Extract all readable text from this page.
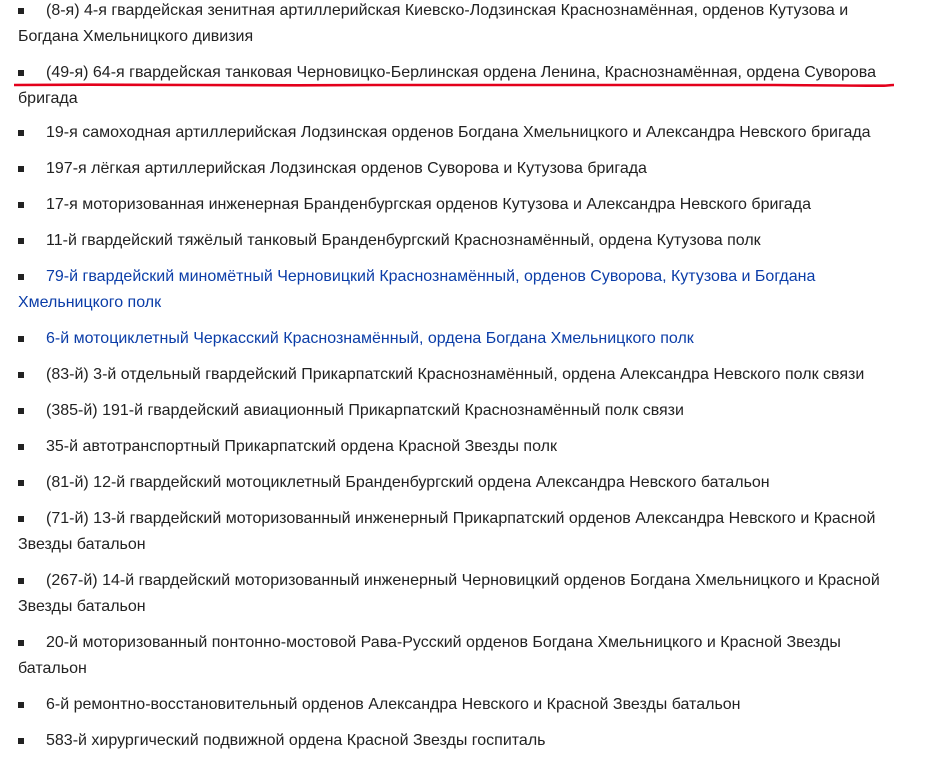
(8-я) 4-я гвардейская зенитная артиллерийская Киевско-Лодзинская Краснознамённая, орденов Кутузова и Богдана Хмельницкого дивизия
(49-я) 64-я гвардейская танковая Черновицко-Берлинская ордена Ленина, Краснознамённая, ордена Суворова бригада
19-я самоходная артиллерийская Лодзинская орденов Богдана Хмельницкого и Александра Невского бригада
197-я лёгкая артиллерийская Лодзинская орденов Суворова и Кутузова бригада
17-я моторизованная инженерная Бранденбургская орденов Кутузова и Александра Невского бригада
11-й гвардейский тяжёлый танковый Бранденбургский Краснознамённый, ордена Кутузова полк
79-й гвардейский миномётный Черновицкий Краснознамённый, орденов Суворова, Кутузова и Богдана Хмельницкого полк
6-й мотоциклетный Черкасский Краснознамённый, ордена Богдана Хмельницкого полк
(83-й) 3-й отдельный гвардейский Прикарпатский Краснознамённый, ордена Александра Невского полк связи
(385-й) 191-й гвардейский авиационный Прикарпатский Краснознамённый полк связи
35-й автотранспортный Прикарпатский ордена Красной Звезды полк
(81-й) 12-й гвардейский мотоциклетный Бранденбургский ордена Александра Невского батальон
(71-й) 13-й гвардейский моторизованный инженерный Прикарпатский орденов Александра Невского и Красной Звезды батальон
(267-й) 14-й гвардейский моторизованный инженерный Черновицкий орденов Богдана Хмельницкого и Красной Звезды батальон
20-й моторизованный понтонно-мостовой Рава-Русский орденов Богдана Хмельницкого и Красной Звезды батальон
6-й ремонтно-восстановительный орденов Александра Невского и Красной Звезды батальон
583-й хирургический подвижной ордена Красной Звезды госпиталь
